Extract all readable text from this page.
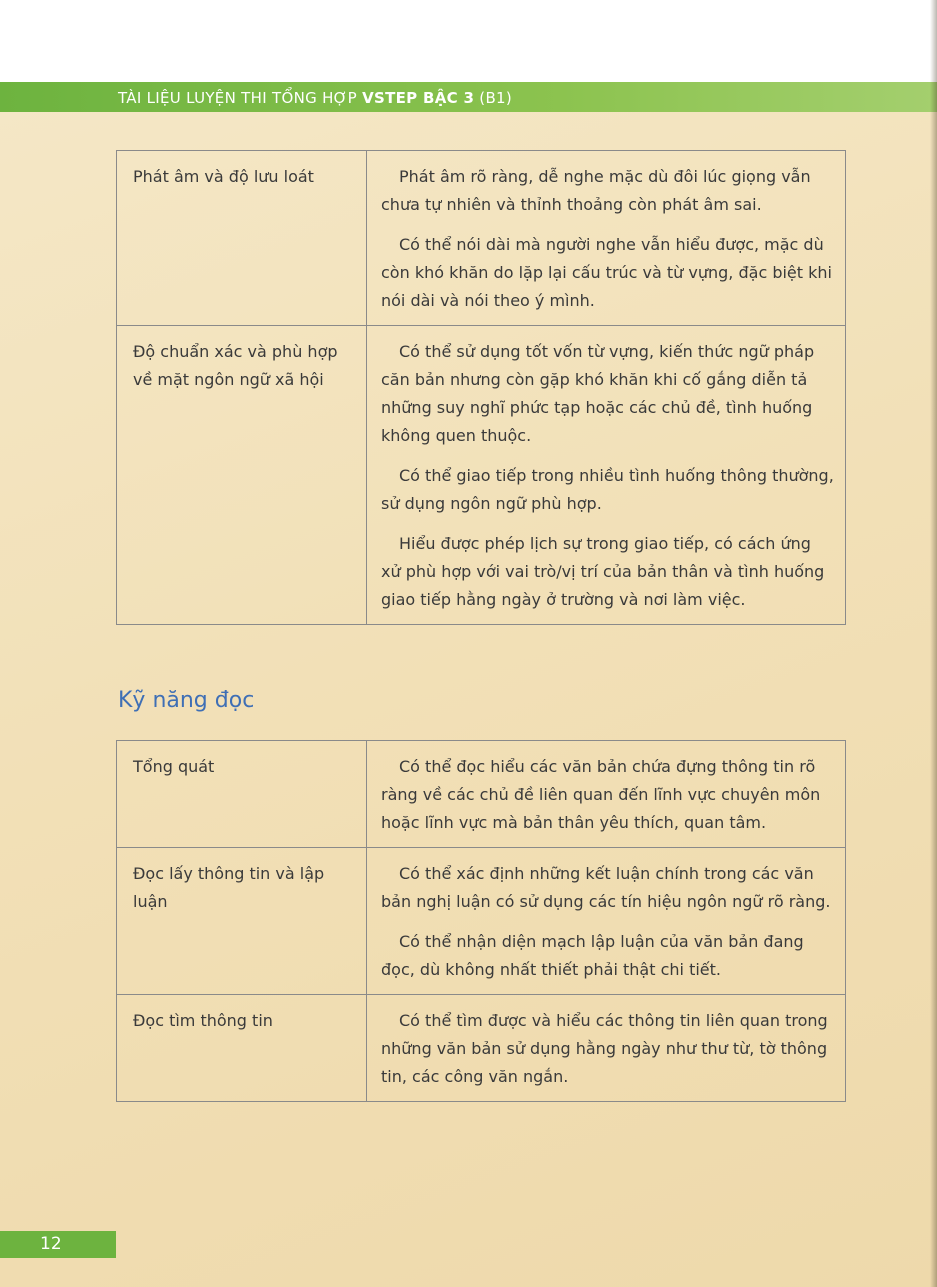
TÀI LIỆU LUYỆN THI TỔNG HỢP VSTEP BẬC 3 (B1)
Phát âm và độ lưu loát	Phát âm rõ ràng, dễ nghe mặc dù đôi lúc giọng vẫn chưa tự nhiên và thỉnh thoảng còn phát âm sai.

Có thể nói dài mà người nghe vẫn hiểu được, mặc dù còn khó khăn do lặp lại cấu trúc và từ vựng, đặc biệt khi nói dài và nói theo ý mình.

Độ chuẩn xác và phù hợp về mặt ngôn ngữ xã hội	Có thể sử dụng tốt vốn từ vựng, kiến thức ngữ pháp căn bản nhưng còn gặp khó khăn khi cố gắng diễn tả những suy nghĩ phức tạp hoặc các chủ đề, tình huống không quen thuộc.

Có thể giao tiếp trong nhiều tình huống thông thường, sử dụng ngôn ngữ phù hợp.

Hiểu được phép lịch sự trong giao tiếp, có cách ứng xử phù hợp với vai trò/vị trí của bản thân và tình huống giao tiếp hằng ngày ở trường và nơi làm việc.

Kỹ năng đọc
Tổng quát	Có thể đọc hiểu các văn bản chứa đựng thông tin rõ ràng về các chủ đề liên quan đến lĩnh vực chuyên môn hoặc lĩnh vực mà bản thân yêu thích, quan tâm.

Đọc lấy thông tin và lập luận	Có thể xác định những kết luận chính trong các văn bản nghị luận có sử dụng các tín hiệu ngôn ngữ rõ ràng.

Có thể nhận diện mạch lập luận của văn bản đang đọc, dù không nhất thiết phải thật chi tiết.

Đọc tìm thông tin	Có thể tìm được và hiểu các thông tin liên quan trong những văn bản sử dụng hằng ngày như thư từ, tờ thông tin, các công văn ngắn.

12
